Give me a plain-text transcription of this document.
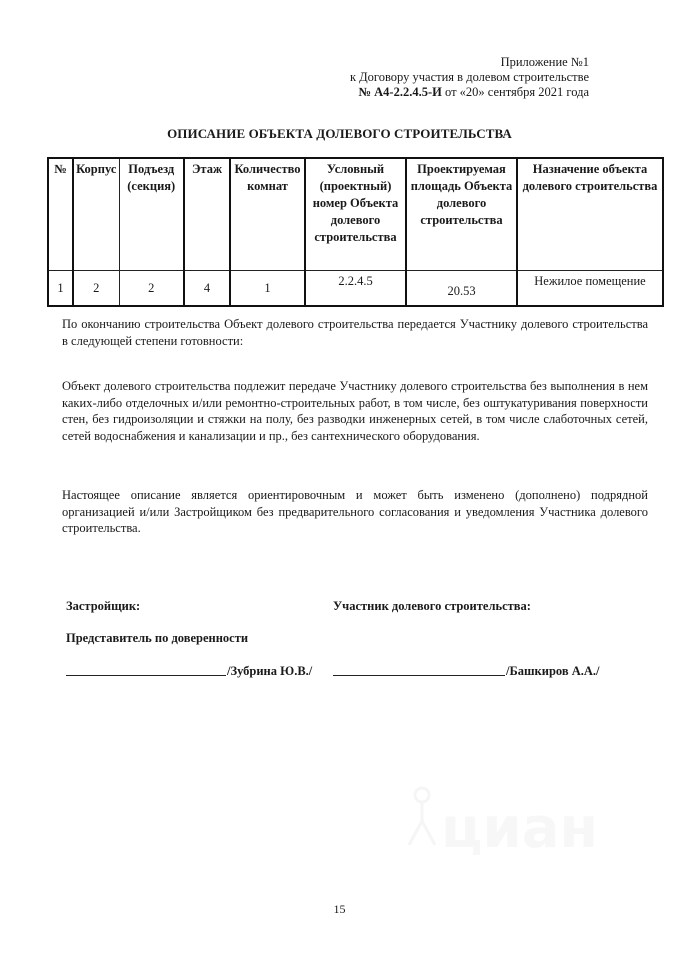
Приложение №1
к Договору участия в долевом строительстве
№ А4-2.2.4.5-И от «20» сентября 2021 года
ОПИСАНИЕ ОБЪЕКТА ДОЛЕВОГО СТРОИТЕЛЬСТВА
№	Корпус	Подъезд (секция)	Этаж	Количество комнат	Условный (проектный) номер Объекта долевого строительства	Проектируемая площадь Объекта долевого строительства	Назначение объекта долевого строительства
1	2	2	4	1	2.2.4.5	20.53	Нежилое помещение
По окончанию строительства Объект долевого строительства передается Участнику долевого строительства в следующей степени готовности:
Объект долевого строительства подлежит передаче Участнику долевого строительства без выполнения в нем каких-либо отделочных и/или ремонтно-строительных работ, в том числе, без оштукатуривания поверхности стен, без гидроизоляции и стяжки на полу, без разводки инженерных сетей, в том числе слаботочных сетей, сетей водоснабжения и канализации и пр., без сантехнического оборудования.
Настоящее описание является ориентировочным и может быть изменено (дополнено) подрядной организацией и/или Застройщиком без предварительного согласования и уведомления Участника долевого строительства.
Застройщик:	Участник долевого строительства:
Представитель по доверенности
/Зубрина Ю.В./	/Башкиров А.А./
циан
15
